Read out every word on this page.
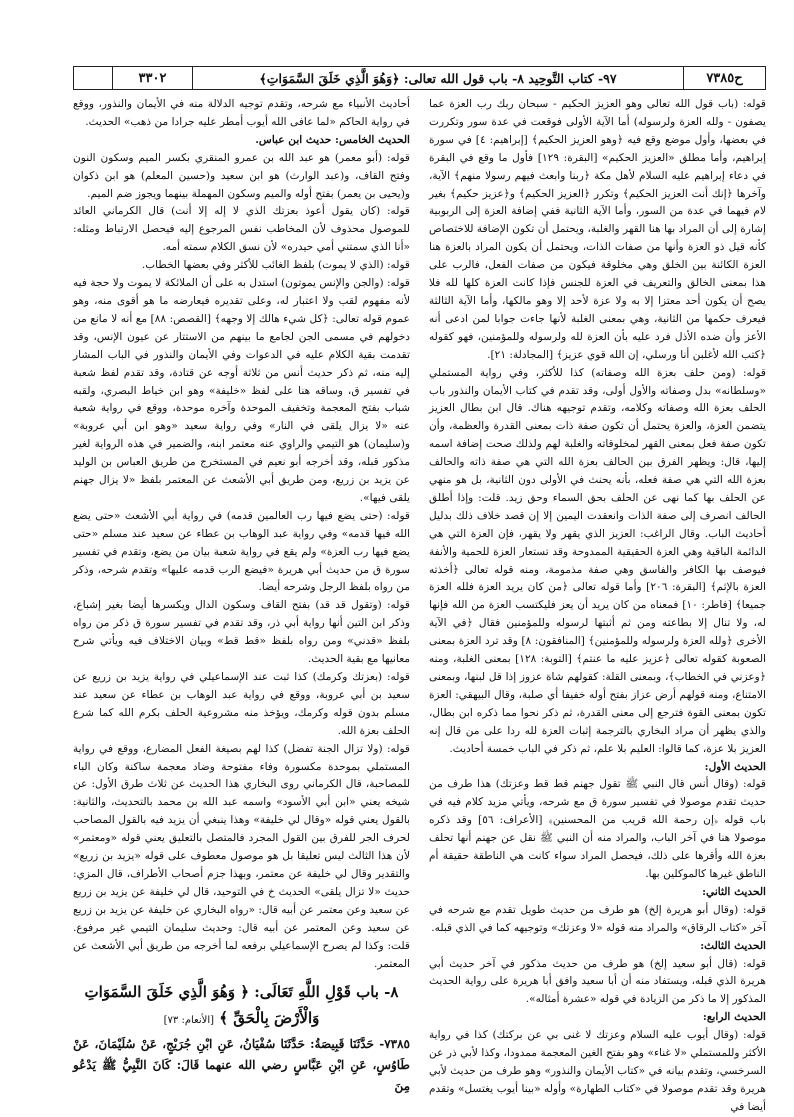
ح٧٣٨٥
٩٧- كتاب التَّوحِيد ٨- باب قول الله تعالى: ﴿وَهُوَ الَّذِي خَلَقَ السَّمَوَاتِ﴾
٣٣٠٢

قوله: (باب قول الله تعالى وهو العزيز الحكيم - سبحان ربك رب العزة عما يصفون - ولله العزة ولرسوله) أما الآية الأولى فوقعت في عدة سور وتكررت في بعضها، وأول موضع وقع فيه ﴿وهو العزيز الحكيم﴾ [إبراهيم: ٤] في سورة إبراهيم، وأما مطلق «العزيز الحكيم» [البقرة: ١٢٩] فأول ما وقع في البقرة في دعاء إبراهيم عليه السلام لأهل مكة ﴿ربنا وابعث فيهم رسولا منهم﴾ الآية، وآخرها ﴿إنك أنت العزيز الحكيم﴾ وتكرر ﴿العزيز الحكيم﴾ و﴿عزيز حكيم﴾ بغير لام فيهما في عدة من السور، وأما الآية الثانية ففي إضافة العزة إلى الربوبية إشارة إلى أن المراد بها هنا القهر والغلبة، ويحتمل أن تكون الإضافة للاختصاص كأنه قيل ذو العزة وأنها من صفات الذات، ويحتمل أن يكون المراد بالعزة هنا العزة الكائنة بين الخلق وهي مخلوقة فيكون من صفات الفعل، فالرب على هذا بمعنى الخالق والتعريف في العزة للجنس فإذا كانت العزة كلها لله فلا يصح أن يكون أحد معتزا إلا به ولا عزة لأحد إلا وهو مالكها، وأما الآية الثالثة فيعرف حكمها من الثانية، وهي بمعنى الغلبة لأنها جاءت جوابا لمن ادعى أنه الأعز وأن ضده الأذل فرد عليه بأن العزة لله ولرسوله وللمؤمنين، فهو كقوله ﴿كتب الله لأغلبن أنا ورسلي، إن الله قوي عزيز﴾ [المجادلة: ٢١].

قوله: (ومن حلف بعزة الله وصفاته) كذا للأكثر، وفي رواية المستملي «وسلطانه» بدل وصفاته والأول أولى، وقد تقدم في كتاب الأيمان والنذور باب الحلف بعزة الله وصفاته وكلامه، وتقدم توجيهه هناك. قال ابن بطال العزيز يتضمن العزة، والعزة يحتمل أن تكون صفة ذات بمعنى القدرة والعظمة، وأن تكون صفة فعل بمعنى القهر لمخلوقاته والغلبة لهم ولذلك صحت إضافة اسمه إليها، قال: ويظهر الفرق بين الحالف بعزة الله التي هي صفة ذاته والحالف بعزة الله التي هي صفة فعله، بأنه يحنث في الأولى دون الثانية، بل هو منهي عن الحلف بها كما نهى عن الحلف بحق السماء وحق زيد. قلت: وإذا أطلق الحالف انصرف إلى صفة الذات وانعقدت اليمين إلا إن قصد خلاف ذلك بدليل أحاديث الباب. وقال الراغب: العزيز الذي يقهر ولا يقهر، فإن العزة التي هي الدائمة الباقية وهي العزة الحقيقية الممدوحة وقد تستعار العزة للحمية والأنفة فيوصف بها الكافر والفاسق وهي صفة مذمومة، ومنه قوله تعالى ﴿أخذته العزة بالإثم﴾ [البقرة: ٢٠٦] وأما قوله تعالى ﴿من كان يريد العزة فلله العزة جميعا﴾ [فاطر: ١٠] فمعناه من كان يريد أن يعز فليكتسب العزة من الله فإنها له، ولا تنال إلا بطاعته ومن ثم أثبتها لرسوله وللمؤمنين فقال ﴿في الآية الأخرى ﴿ولله العزة ولرسوله وللمؤمنين﴾ [المنافقون: ٨] وقد ترد العزة بمعنى الصعوبة كقوله تعالى ﴿عزيز عليه ما عنتم﴾ [التوبة: ١٢٨] بمعنى الغلبة، ومنه ﴿وعزني في الخطاب﴾، وبمعنى القلة: كقولهم شاة عزوز إذا قل لبنها، وبمعنى الامتناع، ومنه قولهم أرض عزاز بفتح أوله خفيفا أي صلبة، وقال البيهقي: العزة تكون بمعنى القوة فترجع إلى معنى القدرة، ثم ذكر نحوا مما ذكره ابن بطال، والذي يظهر أن مراد البخاري بالترجمة إثبات العزة لله ردا على من قال إنه العزيز بلا عزة، كما قالوا: العليم بلا علم، ثم ذكر في الباب خمسة أحاديث.

الحديث الأول:

قوله: (وقال أنس قال النبي ﷺ تقول جهنم قط قط وعزتك) هذا طرف من حديث تقدم موصولا في تفسير سورة ق مع شرحه، ويأتي مزيد كلام فيه في باب قوله ﴿إن رحمة الله قريب من المحسنين﴾ [الأعراف: ٥٦] وقد ذكره موصولا هنا في آخر الباب، والمراد منه أن النبي ﷺ نقل عن جهنم أنها تحلف بعزة الله وأقرها على ذلك، فيحصل المراد سواء كانت هي الناطقة حقيقة أم الناطق غيرها كالموكلين بها.

الحديث الثاني:

قوله: (وقال أبو هريرة إلخ) هو طرف من حديث طويل تقدم مع شرحه في آخر «كتاب الرقاق» والمراد منه قوله «لا وعزتك» وتوجيهه كما في الذي قبله.

الحديث الثالث:

قوله: (قال أبو سعيد إلخ) هو طرف من حديث مذكور في آخر حديث أبي هريرة الذي قبله، ويستفاد منه أن أبا سعيد وافق أبا هريرة على رواية الحديث المذكور إلا ما ذكر من الزيادة في قوله «عشرة أمثاله».

الحديث الرابع:

قوله: (وقال أيوب عليه السلام وعزتك لا غنى بي عن بركتك) كذا في رواية الأكثر وللمستملي «لا غناء» وهو بفتح الغين المعجمة ممدودا، وكذا لأبي ذر عن السرخسي، وتقدم بيانه في «كتاب الأيمان والنذور» وهو طرف من حديث لأبي هريرة وقد تقدم موصولا في «كتاب الطهارة» وأوله «بينا أيوب يغتسل» وتقدم أيضا في

أحاديث الأنبياء مع شرحه، وتقدم توجيه الدلالة منه في الأيمان والنذور، ووقع في رواية الحاكم «لما عافى الله أيوب أمطر عليه جرادا من ذهب» الحديث.

الحديث الخامس: حديث ابن عباس.

قوله: (أبو معمر) هو عبد الله بن عمرو المنقري بكسر الميم وسكون النون وفتح القاف، و(عبد الوارث) هو ابن سعيد و(حسين المعلم) هو ابن ذكوان و(يحيى بن يعمر) بفتح أوله والميم وسكون المهملة بينهما ويجوز ضم الميم.

قوله: (كان يقول أعوذ بعزتك الذي لا إله إلا أنت) قال الكرماني العائد للموصول محذوف لأن المخاطب نفس المرجوع إليه فيحصل الارتباط ومثله: «أنا الذي سمتني أمي حيدره» لأن نسق الكلام سمته أمه.

قوله: (الذي لا يموت) بلفظ الغائب للأكثر وفي بعضها الخطاب.

قوله: (والجن والإنس يموتون) استدل به على أن الملائكة لا يموت ولا حجة فيه لأنه مفهوم لقب ولا اعتبار له، وعلى تقديره فيعارضه ما هو أقوى منه، وهو عموم قوله تعالى: ﴿كل شيء هالك إلا وجهه﴾ [القصص: ٨٨] مع أنه لا مانع من دخولهم في مسمى الجن لجامع ما بينهم من الاستتار عن عيون الإنس، وقد تقدمت بقية الكلام عليه في الدعوات وفي الأيمان والنذور في الباب المشار إليه منه، ثم ذكر حديث أنس من ثلاثة أوجه عن قتادة، وقد تقدم لفظ شعبة في تفسير ق، وساقه هنا على لفظ «خليفة» وهو ابن خياط البصري، ولقبه شباب بفتح المعجمة وتخفيف الموحدة وآخره موحدة، ووقع في رواية شعبة عنه «لا يزال يلقى في النار» وفي رواية سعيد «وهو ابن أبي عروبة» و(سليمان) هو التيمي والراوي عنه معتمر ابنه، والضمير في هذه الرواية لغير مذكور قبله، وقد أخرجه أبو نعيم في المستخرج من طريق العباس بن الوليد عن يزيد بن زريع، ومن طريق أبي الأشعث عن المعتمر بلفظ «لا يزال جهنم يلقى فيها».

قوله: (حتى يضع فيها رب العالمين قدمه) في رواية أبي الأشعث «حتى يضع الله فيها قدمه» وفي رواية عبد الوهاب بن عطاء عن سعيد عند مسلم «حتى يضع فيها رب العزة» ولم يقع في رواية شعبة بيان من يضع، وتقدم في تفسير سورة ق من حديث أبي هريرة «فيضع الرب قدمه عليها» وتقدم شرحه، وذكر من رواه بلفظ الرجل وشرحه أيضا.

قوله: (وتقول قد قد) بفتح القاف وسكون الدال ويكسرها أيضا بغير إشباع، وذكر ابن التين أنها رواية أبي ذر، وقد تقدم في تفسير سورة ق ذكر من رواه بلفظ «قدني» ومن رواه بلفظ «قط قط» وبيان الاختلاف فيه ويأتي شرح معانيها مع بقية الحديث.

قوله: (بعزتك وكرمك) كذا ثبت عند الإسماعيلي في رواية يزيد بن زريع عن سعيد بن أبي عروبة، ووقع في رواية عبد الوهاب بن عطاء عن سعيد عند مسلم بدون قوله وكرمك، ويؤخذ منه مشروعية الحلف بكرم الله كما شرع الحلف بعزة الله.

قوله: (ولا تزال الجنة تفضل) كذا لهم بصيغة الفعل المضارع، ووقع في رواية المستملي بموحدة مكسورة وفاء مفتوحة وضاد معجمة ساكنة وكان الباء للمصاحبة، قال الكرماني روى البخاري هذا الحديث عن ثلاث طرق الأول: عن شيخه يعني «ابن أبي الأسود» واسمه عبد الله بن محمد بالتحديث، والثانية: بالقول يعني قوله «وقال لي خليفة» وهذا ينبغي أن يزيد فيه بالقول المصاحب لحرف الجر للفرق بين القول المجرد فالمتصل بالتعليق يعني قوله «ومعتمر» لأن هذا الثالث ليس تعليقا بل هو موصول معطوف على قوله «يزيد بن زريع» والتقدير وقال لي خليفة عن معتمر، وبهذا جزم أصحاب الأطراف، قال المزي: حديث «لا تزال يلقى» الحديث خ في التوحيد، قال لي خليفة عن يزيد بن زريع عن سعيد وعن معتمر عن أبيه قال: «رواه البخاري عن خليفة عن يزيد بن زريع عن سعيد وعن المعتمر عن أبيه قال: وحديث سليمان التيمي غير مرفوع. قلت: وكذا لم يصرح الإسماعيلي برفعه لما أخرجه من طريق أبي الأشعث عن المعتمر.

٨- باب قَوْلِ اللَّهِ تَعَالَى: ﴿ وَهُوَ الَّذِي خَلَقَ السَّمَوَاتِ
وَالْأَرْضَ بِالْحَقِّ ﴾ [الأنعام: ٧٣]

٧٣٨٥- حَدَّثَنَا قَبِيصَةُ: حَدَّثَنَا سُفْيَانُ، عَنِ ابْنِ جُرَيْجٍ، عَنْ سُلَيْمَانَ، عَنْ طَاوُسٍ، عَنِ ابْنِ عَبَّاسٍ رضي الله عنهما قَالَ: كَانَ النَّبِيُّ ﷺ يَدْعُو مِنَ
